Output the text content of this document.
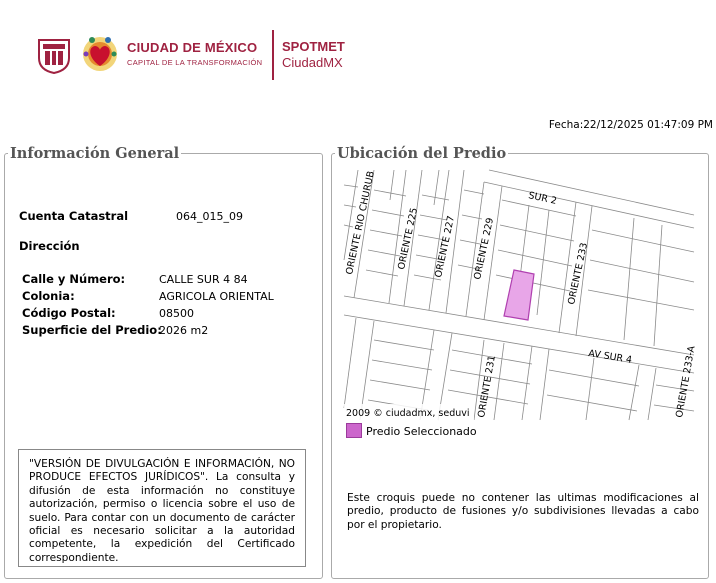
CIUDAD DE MÉXICO
CAPITAL DE LA TRANSFORMACIÓN
SPOTMET
CiudadMX
Fecha : 22/12/2025 01:47:09 PM
Información General
Cuenta Catastral	064_015_09
Dirección
Calle y Número:	CALLE SUR 4 84
Colonia:	AGRICOLA ORIENTAL
Código Postal:	08500
Superficie del Predio:
2026 m2
"VERSIÓN DE DIVULGACIÓN E INFORMACIÓN, NO PRODUCE EFECTOS JURÍDICOS". La consulta y difusión de esta información no constituye autorización, permiso o licencia sobre el uso de suelo. Para contar con un documento de carácter oficial es necesario solicitar a la autoridad competente, la expedición del Certificado correspondiente.
Ubicación del Predio
ORIENTE RIO CHURUB ORIENTE 225 ORIENTE 227 ORIENTE 229
SUR 2
ORIENTE 233
AV SUR 4
ORIENTE 231	ORIENTE 233-A
2009 © ciudadmx, seduvi
Predio Seleccionado
Este croquis puede no contener las ultimas modificaciones al predio, producto de fusiones y/o subdivisiones llevadas a cabo por el propietario.
